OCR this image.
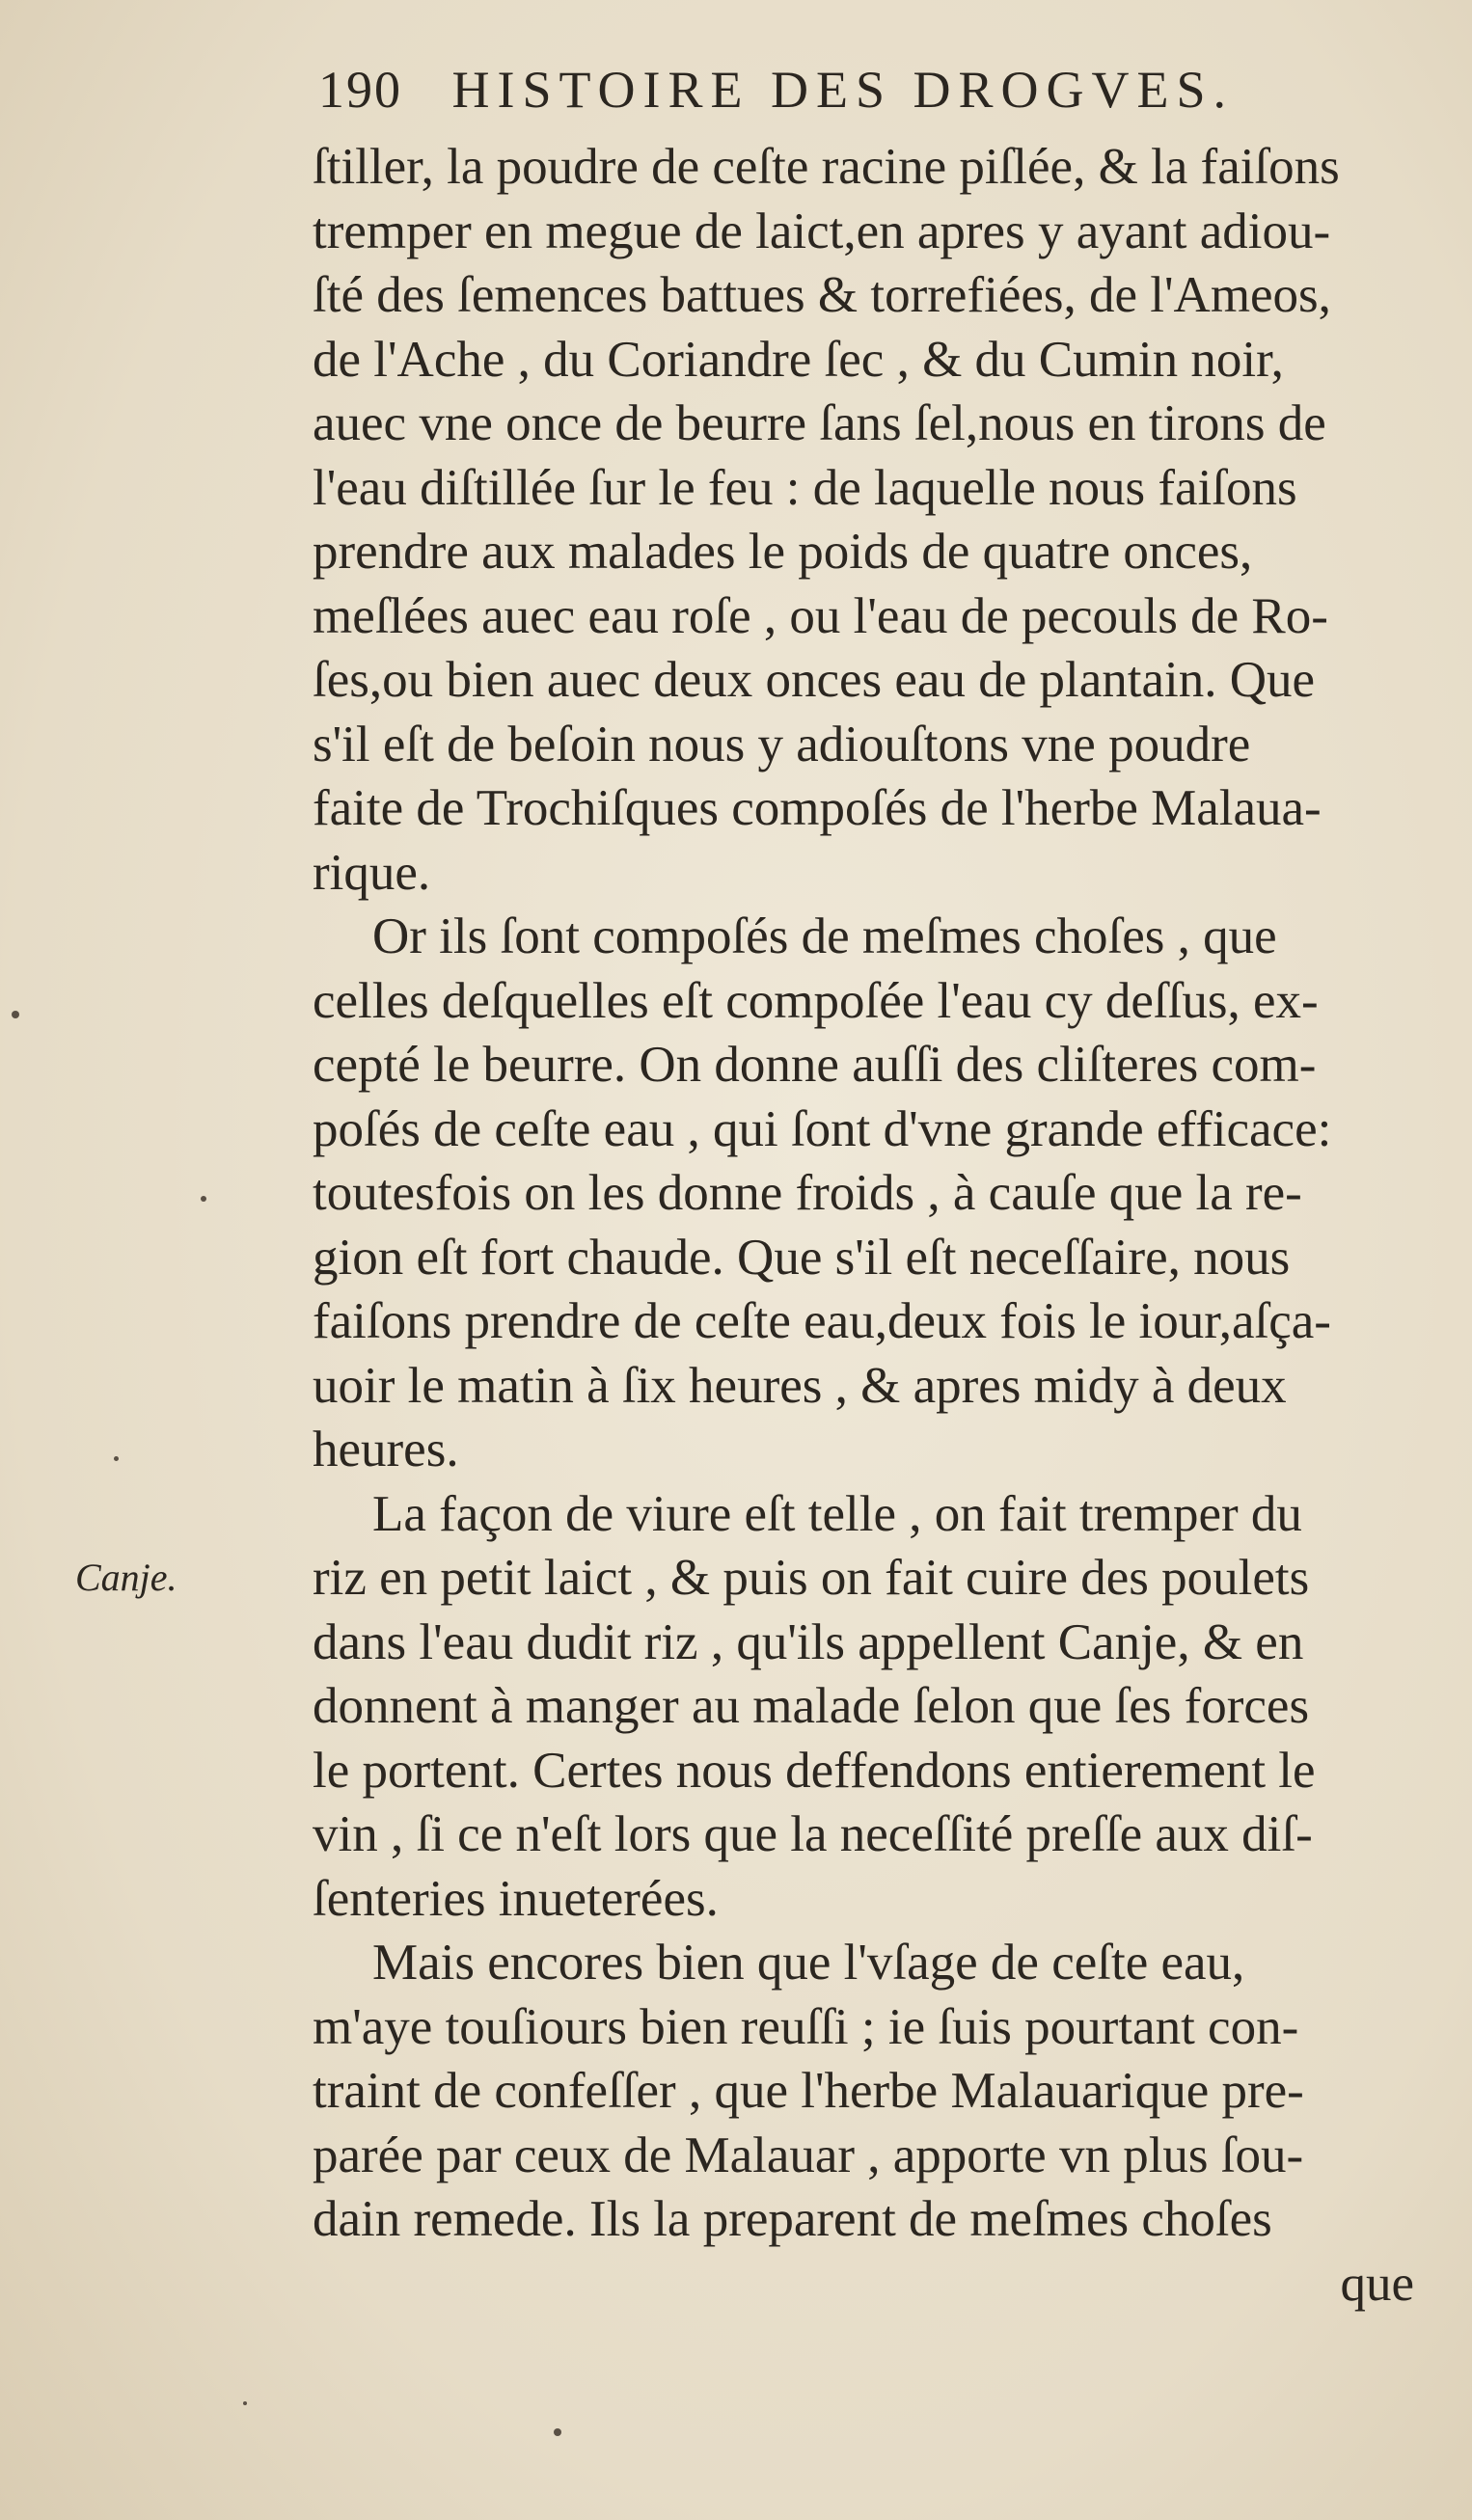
190 HISTOIRE DES DROGVES.
ſtiller, la poudre de ceſte racine piſlée, & la faiſons
tremper en megue de laict,en apres y ayant adiou-
ſté des ſemences battues & torrefiées, de l'Ameos,
de l'Ache , du Coriandre ſec , & du Cumin noir,
auec vne once de beurre ſans ſel,nous en tirons de
l'eau diſtillée ſur le feu : de laquelle nous faiſons
prendre aux malades le poids de quatre onces,
meſlées auec eau roſe , ou l'eau de pecouls de Ro-
ſes,ou bien auec deux onces eau de plantain. Que
s'il eſt de beſoin nous y adiouſtons vne poudre
faite de Trochiſques compoſés de l'herbe Malaua-
rique.
Or ils ſont compoſés de meſmes choſes , que
celles deſquelles eſt compoſée l'eau cy deſſus, ex-
cepté le beurre. On donne auſſi des cliſteres com-
poſés de ceſte eau , qui ſont d'vne grande efficace:
toutesfois on les donne froids , à cauſe que la re-
gion eſt fort chaude. Que s'il eſt neceſſaire, nous
faiſons prendre de ceſte eau,deux fois le iour,aſça-
uoir le matin à ſix heures , & apres midy à deux
heures.
La façon de viure eſt telle , on fait tremper du
riz en petit laict , & puis on fait cuire des poulets
dans l'eau dudit riz , qu'ils appellent Canje, & en
donnent à manger au malade ſelon que ſes forces
le portent. Certes nous deffendons entierement le
vin , ſi ce n'eſt lors que la neceſſité preſſe aux diſ-
ſenteries inueterées.
Mais encores bien que l'vſage de ceſte eau,
m'aye touſiours bien reuſſi ; ie ſuis pourtant con-
traint de confeſſer , que l'herbe Malauarique pre-
parée par ceux de Malauar , apporte vn plus ſou-
dain remede. Ils la preparent de meſmes choſes
que
Canje.
